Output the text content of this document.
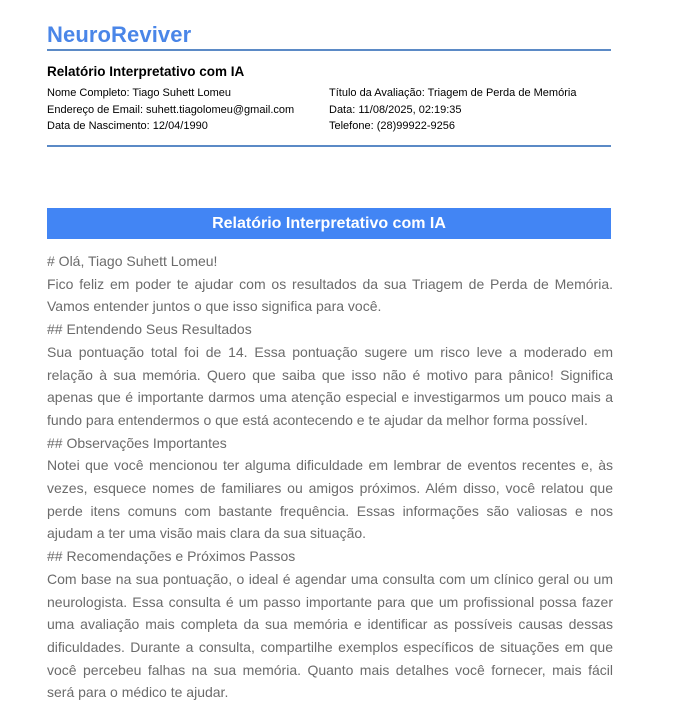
NeuroReviver
Relatório Interpretativo com IA
Nome Completo: Tiago Suhett Lomeu
Endereço de Email: suhett.tiagolomeu@gmail.com
Data de Nascimento: 12/04/1990
Título da Avaliação: Triagem de Perda de Memória
Data: 11/08/2025, 02:19:35
Telefone: (28)99922-9256
Relatório Interpretativo com IA

# Olá, Tiago Suhett Lomeu!

Fico feliz em poder te ajudar com os resultados da sua Triagem de Perda de Memória. Vamos entender juntos o que isso significa para você.

## Entendendo Seus Resultados

Sua pontuação total foi de 14. Essa pontuação sugere um risco leve a moderado em relação à sua memória. Quero que saiba que isso não é motivo para pânico! Significa apenas que é importante darmos uma atenção especial e investigarmos um pouco mais a fundo para entendermos o que está acontecendo e te ajudar da melhor forma possível.

## Observações Importantes

Notei que você mencionou ter alguma dificuldade em lembrar de eventos recentes e, às vezes, esquece nomes de familiares ou amigos próximos. Além disso, você relatou que perde itens comuns com bastante frequência. Essas informações são valiosas e nos ajudam a ter uma visão mais clara da sua situação.

## Recomendações e Próximos Passos

Com base na sua pontuação, o ideal é agendar uma consulta com um clínico geral ou um neurologista. Essa consulta é um passo importante para que um profissional possa fazer uma avaliação mais completa da sua memória e identificar as possíveis causas dessas dificuldades. Durante a consulta, compartilhe exemplos específicos de situações em que você percebeu falhas na sua memória. Quanto mais detalhes você fornecer, mais fácil será para o médico te ajudar.
